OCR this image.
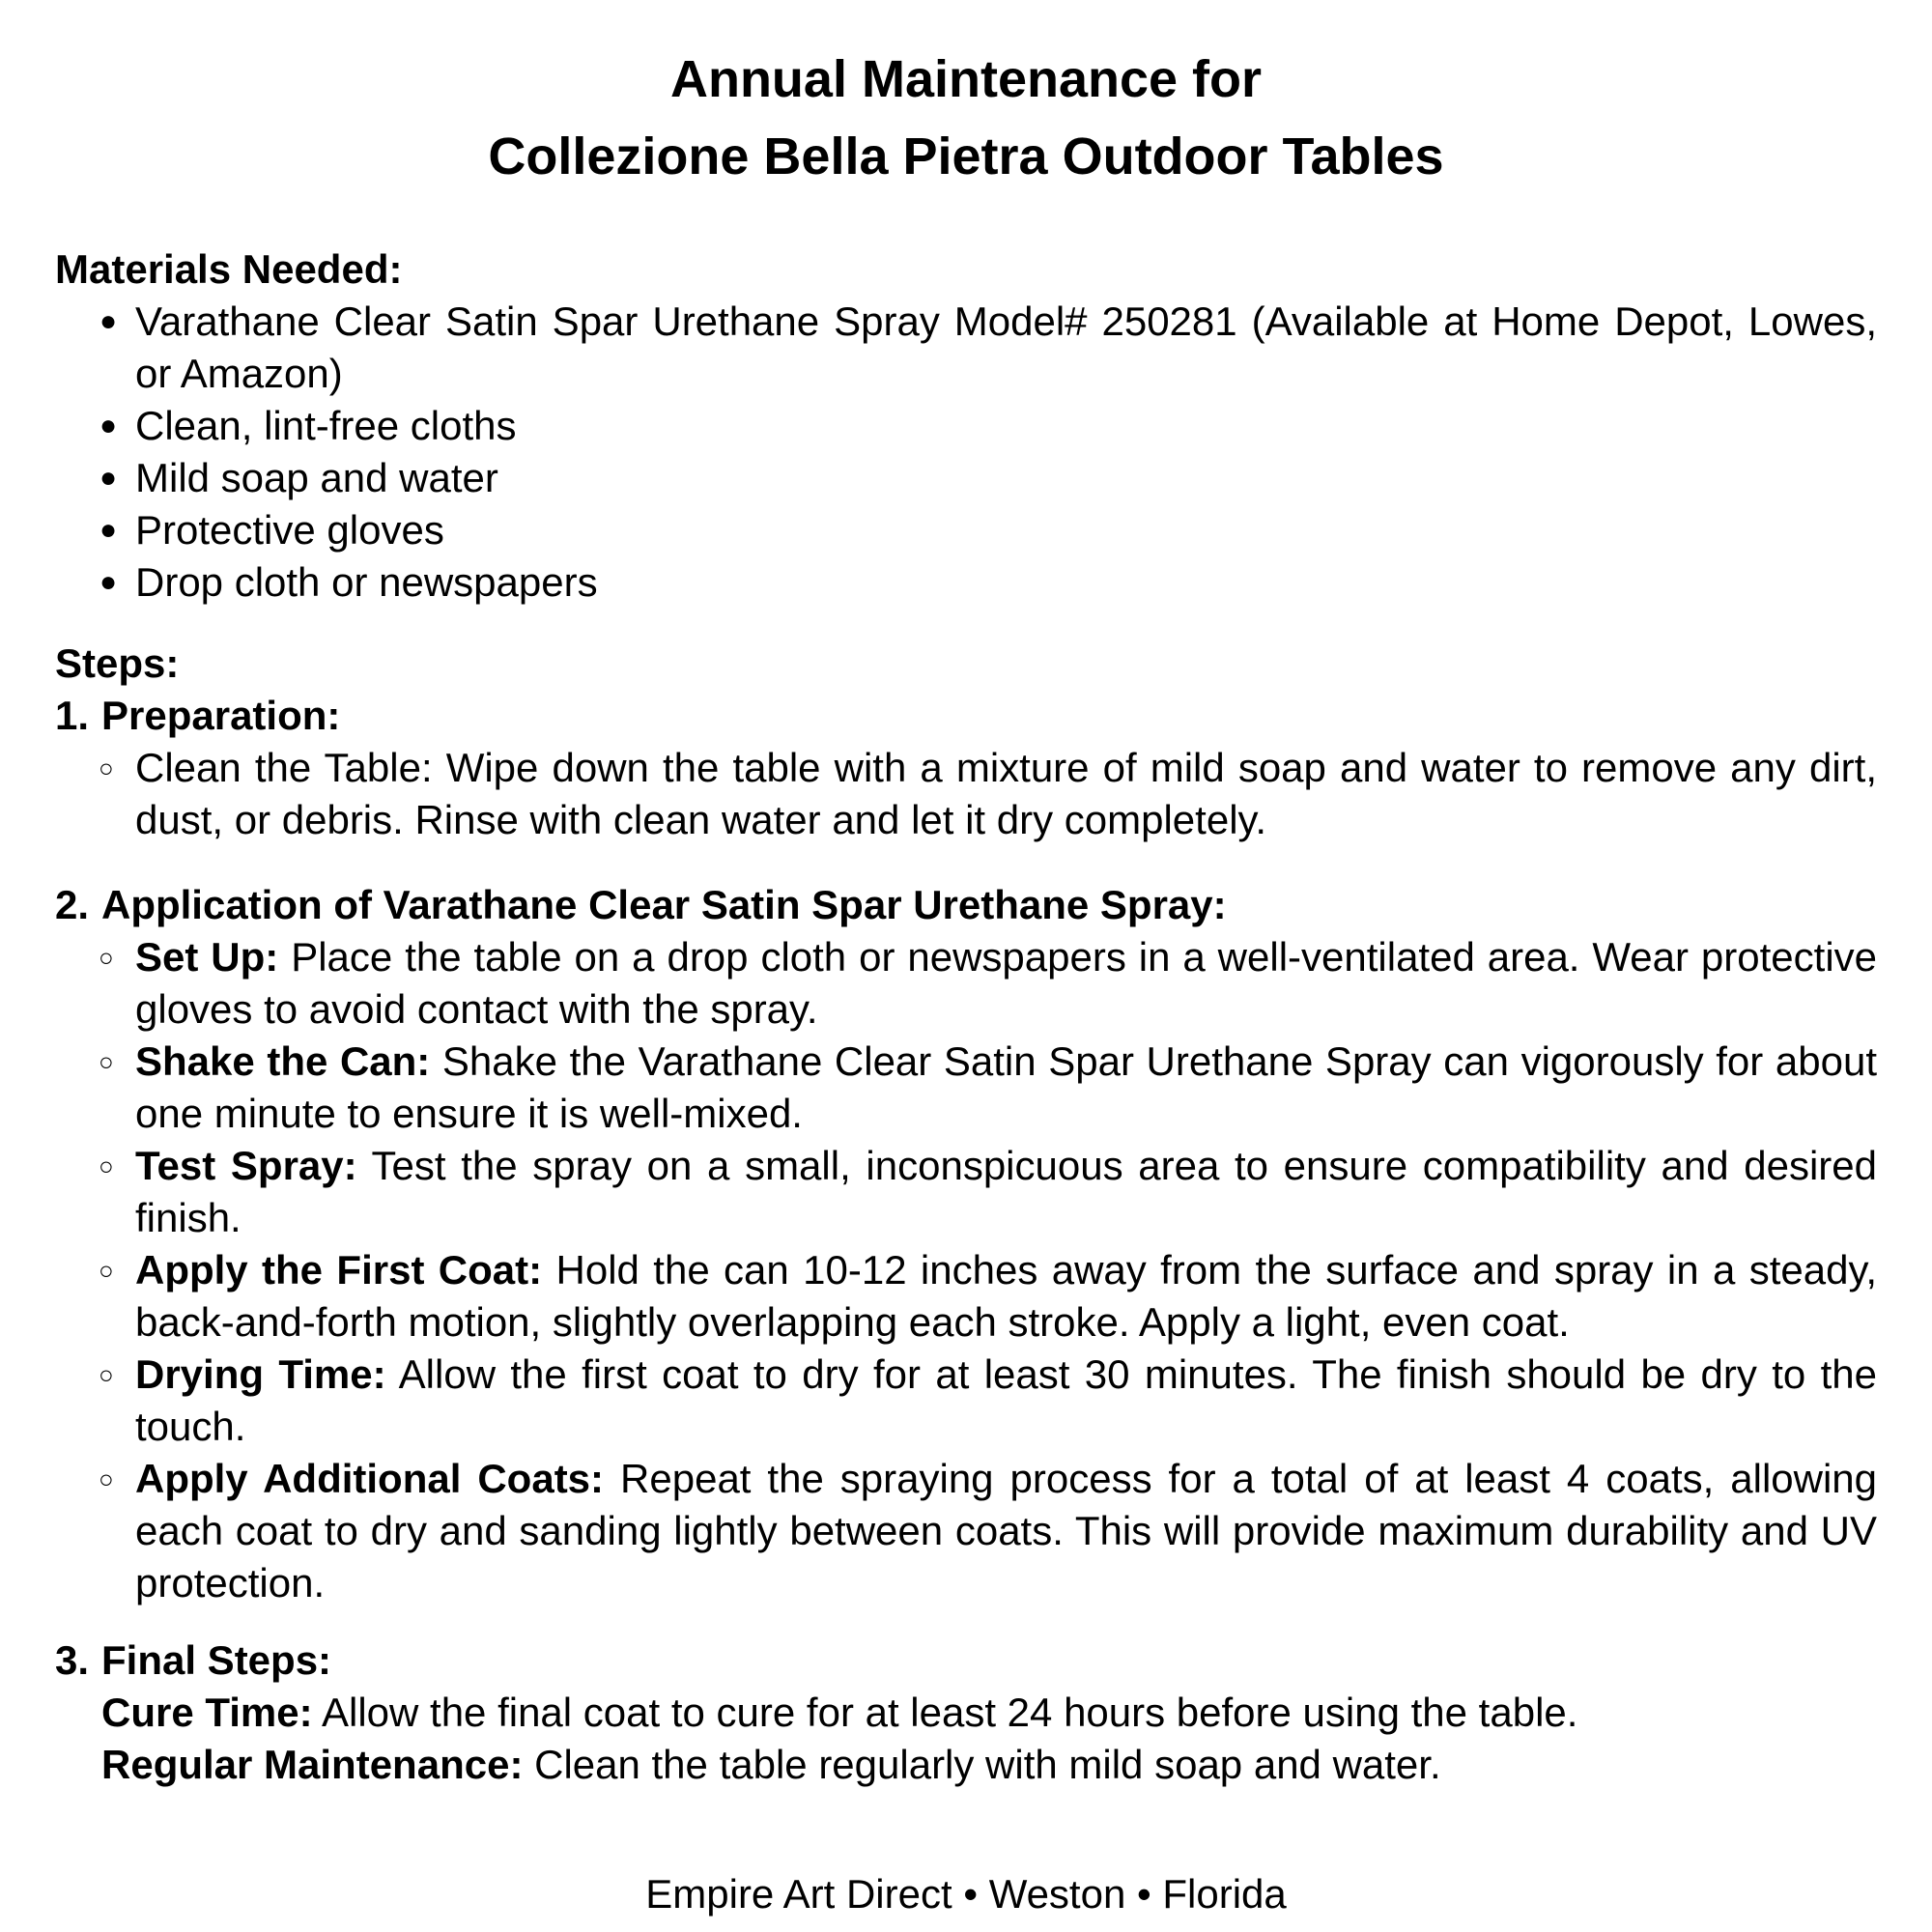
Annual Maintenance for
Collezione Bella Pietra Outdoor Tables

Materials Needed:

● Varathane Clear Satin Spar Urethane Spray Model# 250281 (Available at Home Depot, Lowes, or Amazon)
● Clean, lint-free cloths
● Mild soap and water
● Protective gloves
● Drop cloth or newspapers

Steps:

1. Preparation:
○ Clean the Table: Wipe down the table with a mixture of mild soap and water to remove any dirt, dust, or debris. Rinse with clean water and let it dry completely.
2. Application of Varathane Clear Satin Spar Urethane Spray:
○ Set Up: Place the table on a drop cloth or newspapers in a well-ventilated area. Wear protective gloves to avoid contact with the spray.
○ Shake the Can: Shake the Varathane Clear Satin Spar Urethane Spray can vigorously for about one minute to ensure it is well-mixed.
○ Test Spray: Test the spray on a small, inconspicuous area to ensure compatibility and desired finish.
○ Apply the First Coat: Hold the can 10-12 inches away from the surface and spray in a steady, back-and-forth motion, slightly overlapping each stroke. Apply a light, even coat.
○ Drying Time: Allow the first coat to dry for at least 30 minutes. The finish should be dry to the touch.
○ Apply Additional Coats: Repeat the spraying process for a total of at least 4 coats, allowing each coat to dry and sanding lightly between coats. This will provide maximum durability and UV protection.
3. Final Steps:
Cure Time: Allow the final coat to cure for at least 24 hours before using the table.
Regular Maintenance: Clean the table regularly with mild soap and water.
Empire Art Direct • Weston • Florida
